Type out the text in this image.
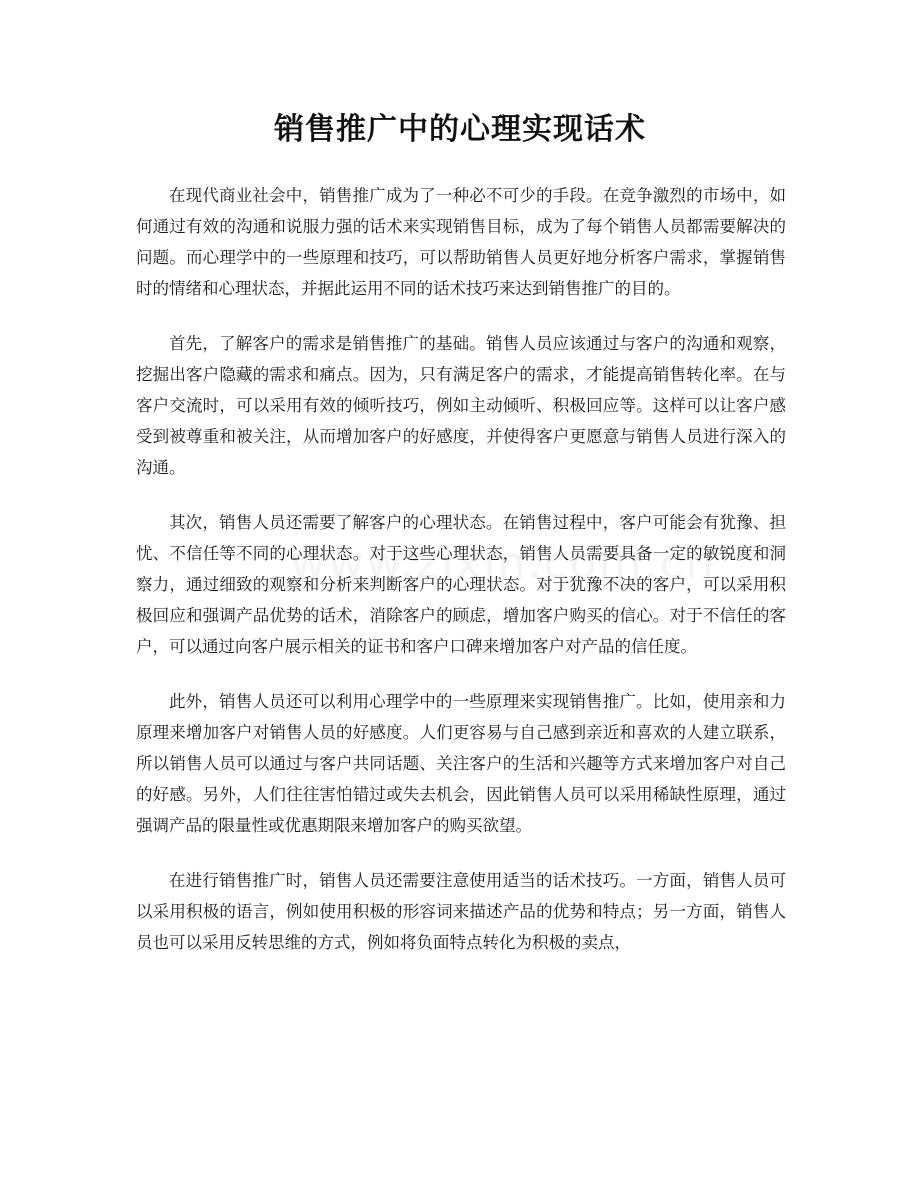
销售推广中的心理实现话术

在现代商业社会中，销售推广成为了一种必不可少的手段。在竞争激烈的市场中，如何通过有效的沟通和说服力强的话术来实现销售目标，成为了每个销售人员都需要解决的问题。而心理学中的一些原理和技巧，可以帮助销售人员更好地分析客户需求，掌握销售时的情绪和心理状态，并据此运用不同的话术技巧来达到销售推广的目的。

首先，了解客户的需求是销售推广的基础。销售人员应该通过与客户的沟通和观察，挖掘出客户隐藏的需求和痛点。因为，只有满足客户的需求，才能提高销售转化率。在与客户交流时，可以采用有效的倾听技巧，例如主动倾听、积极回应等。这样可以让客户感受到被尊重和被关注，从而增加客户的好感度，并使得客户更愿意与销售人员进行深入的沟通。

其次，销售人员还需要了解客户的心理状态。在销售过程中，客户可能会有犹豫、担忧、不信任等不同的心理状态。对于这些心理状态，销售人员需要具备一定的敏锐度和洞察力，通过细致的观察和分析来判断客户的心理状态。对于犹豫不决的客户，可以采用积极回应和强调产品优势的话术，消除客户的顾虑，增加客户购买的信心。对于不信任的客户，可以通过向客户展示相关的证书和客户口碑来增加客户对产品的信任度。

此外，销售人员还可以利用心理学中的一些原理来实现销售推广。比如，使用亲和力原理来增加客户对销售人员的好感度。人们更容易与自己感到亲近和喜欢的人建立联系，所以销售人员可以通过与客户共同话题、关注客户的生活和兴趣等方式来增加客户对自己的好感。另外，人们往往害怕错过或失去机会，因此销售人员可以采用稀缺性原理，通过强调产品的限量性或优惠期限来增加客户的购买欲望。

在进行销售推广时，销售人员还需要注意使用适当的话术技巧。一方面，销售人员可以采用积极的语言，例如使用积极的形容词来描述产品的优势和特点；另一方面，销售人员也可以采用反转思维的方式，例如将负面特点转化为积极的卖点，
